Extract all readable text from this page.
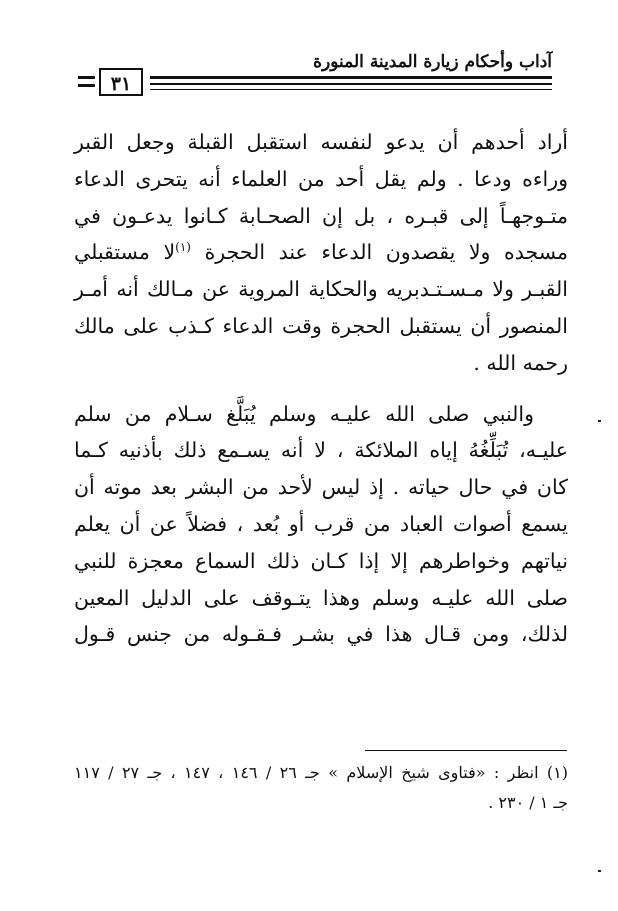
آداب وأحكام زيارة المدينة المنورة
٣١
أراد أحدهم أن يدعو لنفسه استقبل القبلة وجعل القبر
وراءه ودعا . ولم يقل أحد من العلماء أنه يتحرى الدعاء
متـوجهـاً إلى قبـره ، بل إن الصحـابة كـانوا يدعـون في
مسجده ولا يقصدون الدعاء عند الحجرة $^{(١)}$لا مستقبلي
القبـر ولا مـسـتـدبريه والحكاية المروية عن مـالك أنه أمـر
المنصور أن يستقبل الحجرة وقت الدعاء كـذب على مالك
رحمه الله .
والنبي صلى الله عليـه وسلم يُبَلَّغ سـلام من سلم
عليـه، تُبَلِّغُهُ إياه الملائكة ، لا أنه يسـمع ذلك بأذنيه كـما
كان في حال حياته . إذ ليس لأحد من البشر بعد موته أن
يسمع أصوات العباد من قرب أو بُعد ، فضلاً عن أن يعلم
نياتهم وخواطرهم إلا إذا كـان ذلك السماع معجزة للنبي
صلى الله عليـه وسلم وهذا يتـوقف على الدليل المعين
لذلك، ومن قـال هذا في بشـر فـقـوله من جنس قـول
(١) انظر : «فتاوى شيخ الإسلام » جـ ٢٦ / ١٤٦ ، ١٤٧ ، جـ ٢٧ / ١١٧
جـ ١ / ٢٣٠ .
